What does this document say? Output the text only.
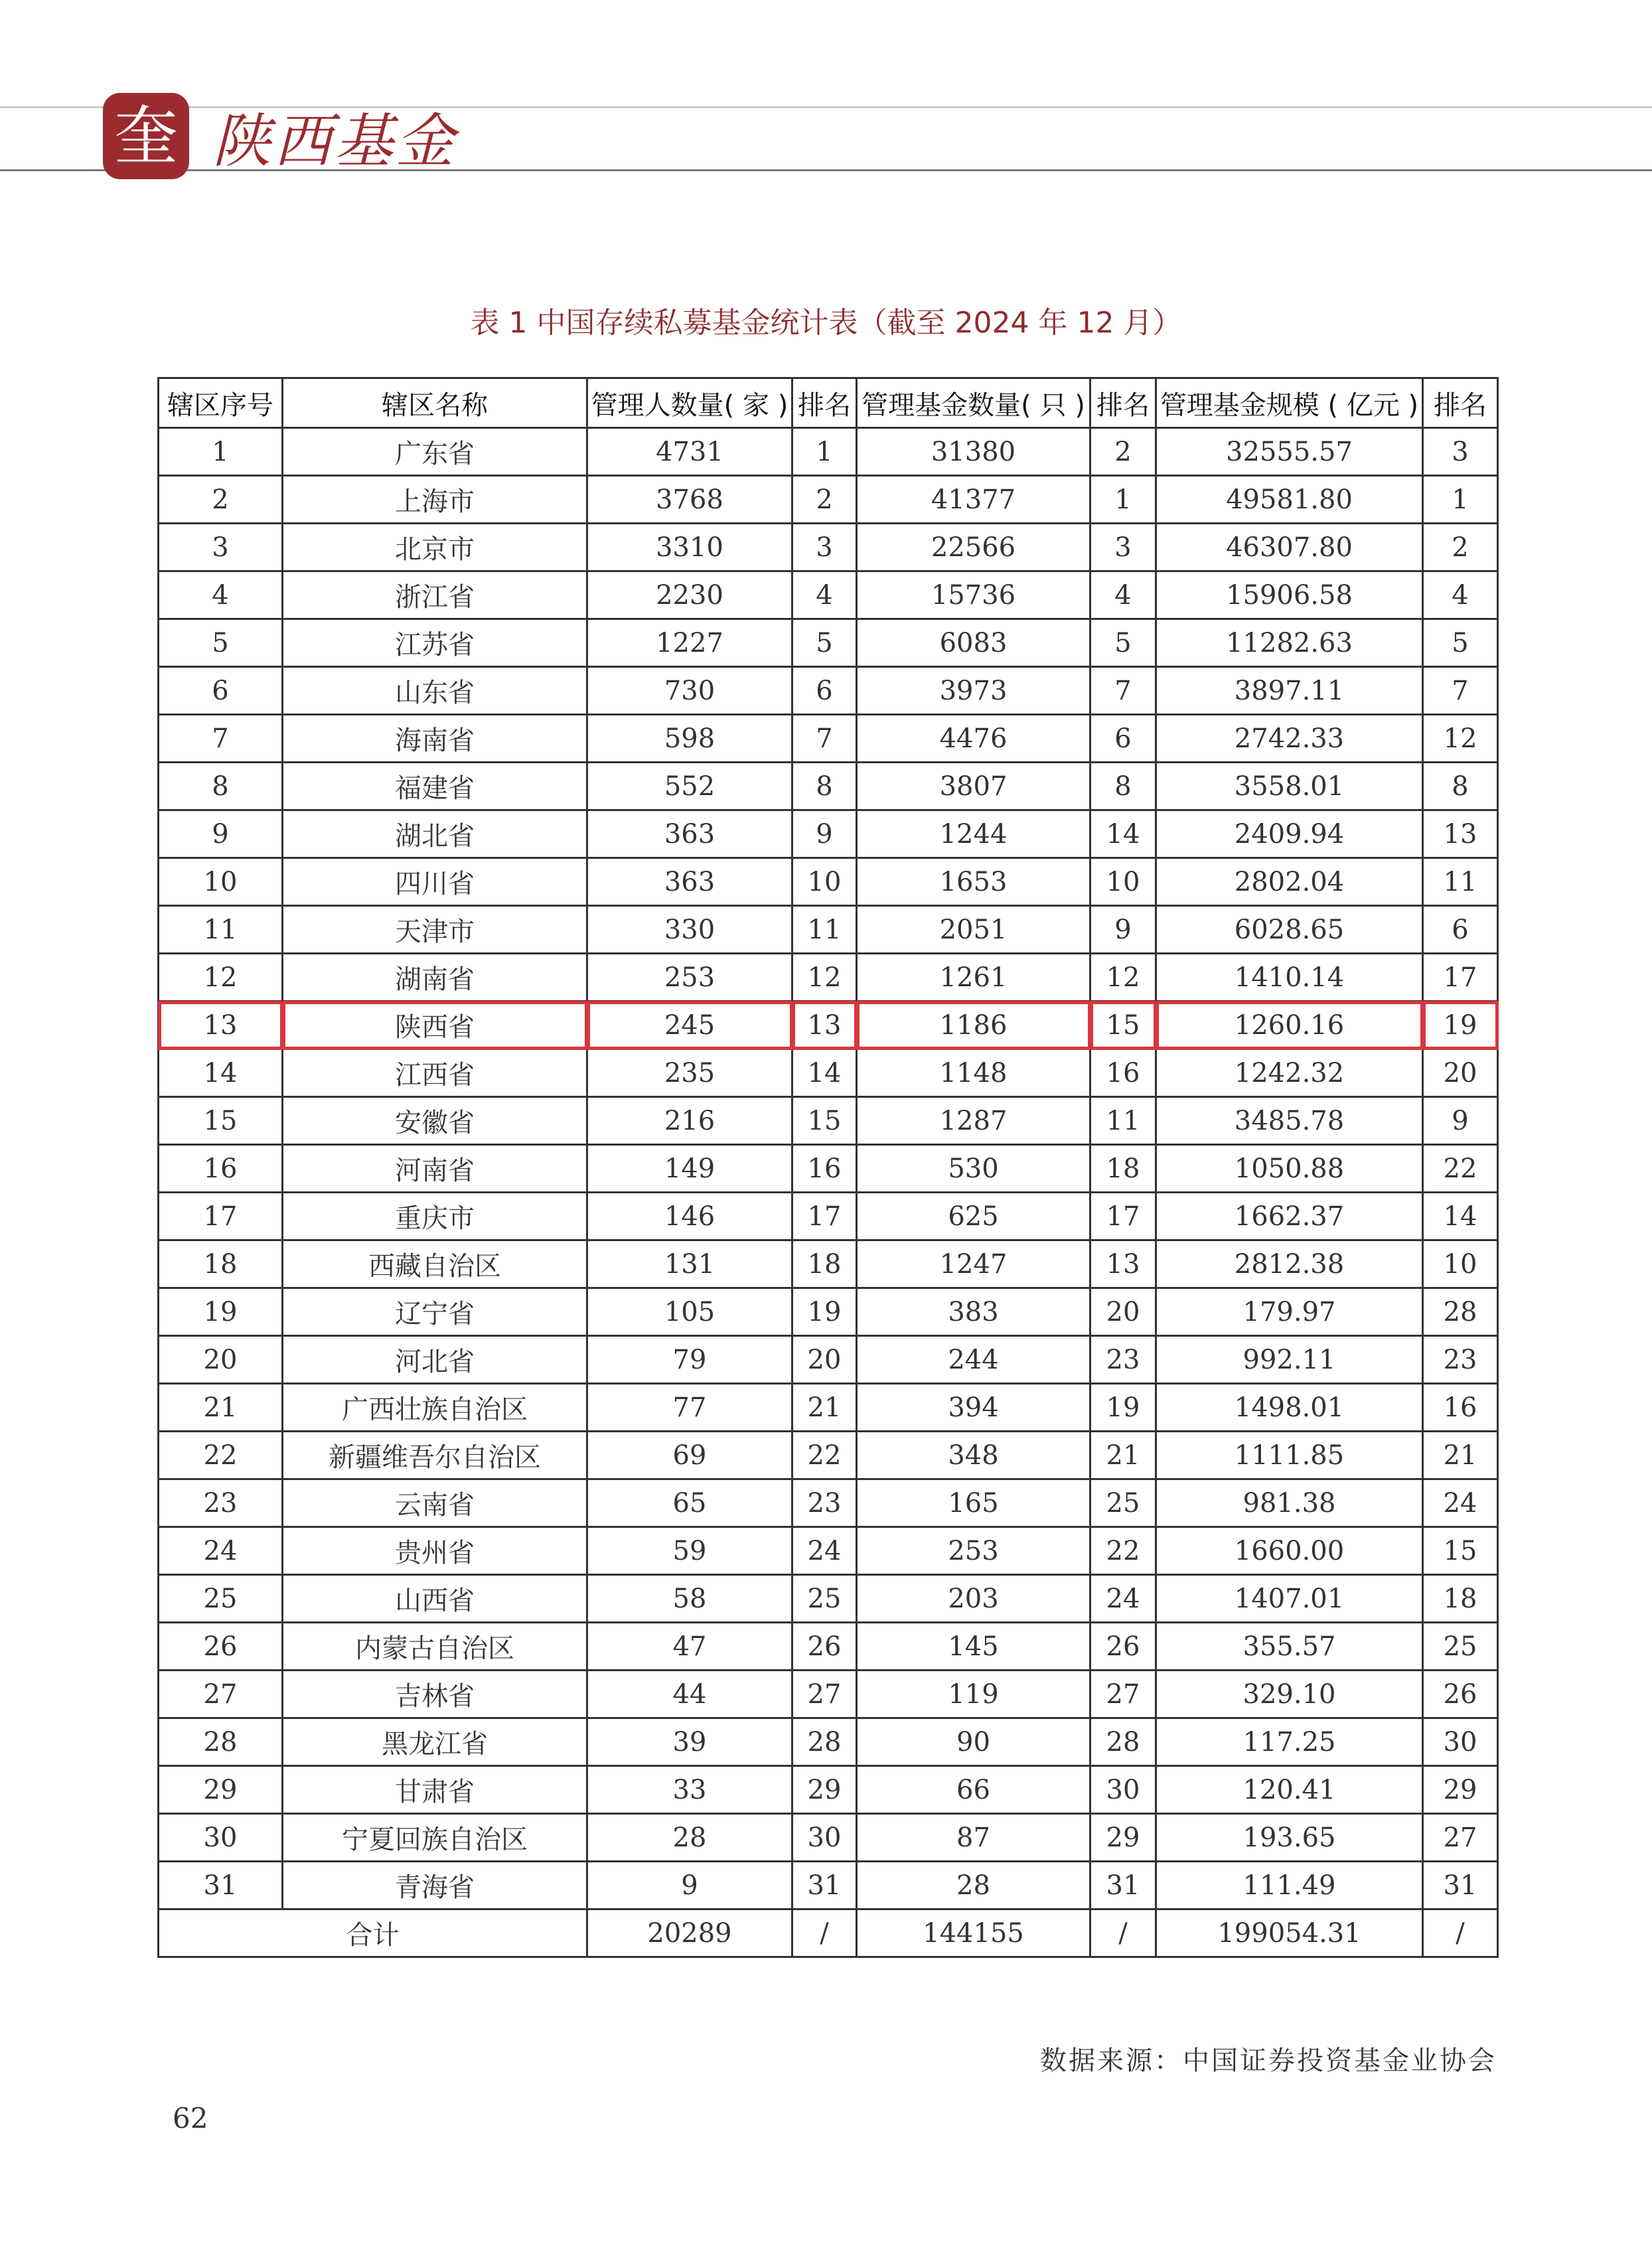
奎 陕西基金
表 1 中国存续私募基金统计表（截至 2024 年 12 月）
辖区序号	辖区名称	管理人数量( 家 )	排名	管理基金数量( 只 )	排名	管理基金规模 ( 亿元 )	排名
1	广东省	4731	1	31380	2	32555.57	3
2	上海市	3768	2	41377	1	49581.80	1
3	北京市	3310	3	22566	3	46307.80	2
4	浙江省	2230	4	15736	4	15906.58	4
5	江苏省	1227	5	6083	5	11282.63	5
6	山东省	730	6	3973	7	3897.11	7
7	海南省	598	7	4476	6	2742.33	12
8	福建省	552	8	3807	8	3558.01	8
9	湖北省	363	9	1244	14	2409.94	13
10	四川省	363	10	1653	10	2802.04	11
11	天津市	330	11	2051	9	6028.65	6
12	湖南省	253	12	1261	12	1410.14	17
13	陕西省	245	13	1186	15	1260.16	19
14	江西省	235	14	1148	16	1242.32	20
15	安徽省	216	15	1287	11	3485.78	9
16	河南省	149	16	530	18	1050.88	22
17	重庆市	146	17	625	17	1662.37	14
18	西藏自治区	131	18	1247	13	2812.38	10
19	辽宁省	105	19	383	20	179.97	28
20	河北省	79	20	244	23	992.11	23
21	广西壮族自治区	77	21	394	19	1498.01	16
22	新疆维吾尔自治区	69	22	348	21	1111.85	21
23	云南省	65	23	165	25	981.38	24
24	贵州省	59	24	253	22	1660.00	15
25	山西省	58	25	203	24	1407.01	18
26	内蒙古自治区	47	26	145	26	355.57	25
27	吉林省	44	27	119	27	329.10	26
28	黑龙江省	39	28	90	28	117.25	30
29	甘肃省	33	29	66	30	120.41	29
30	宁夏回族自治区	28	30	87	29	193.65	27
31	青海省	9	31	28	31	111.49	31
合计		20289	/	144155	/	199054.31	/
数据来源：中国证券投资基金业协会
62
